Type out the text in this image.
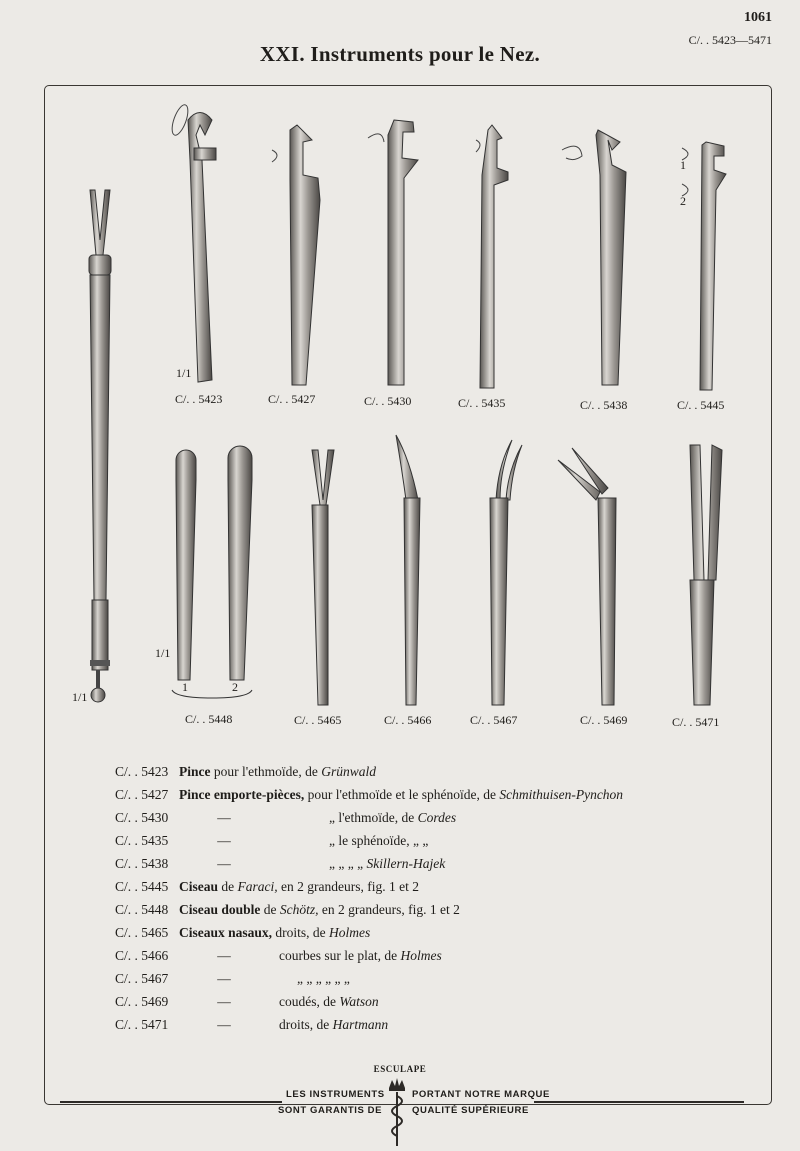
1061
C/. . 5423—5471
XXI. Instruments pour le Nez.
1/1
1/1
1/1
1
2
1	2
C/. . 5423	C/. . 5427	C/. . 5430	C/. . 5435	C/. . 5438	C/. . 5445
C/. . 5448	C/. . 5465	C/. . 5466	C/. . 5467	C/. . 5469	C/. . 5471
C/. . 5423 Pince pour l'ethmoïde, de Grünwald
C/. . 5427 Pince emporte-pièces, pour l'ethmoïde et le sphénoïde, de Schmithuisen-Pynchon
C/. . 5430	—	„ l'ethmoïde, de Cordes
C/. . 5435	—	„ le sphénoïde, „ „
C/. . 5438	—	„ „ „ „ Skillern-Hajek
C/. . 5445 Ciseau de Faraci, en 2 grandeurs, fig. 1 et 2
C/. . 5448 Ciseau double de Schötz, en 2 grandeurs, fig. 1 et 2
C/. . 5465 Ciseaux nasaux, droits, de Holmes
C/. . 5466	—	courbes sur le plat, de Holmes
C/. . 5467	—	„ „ „ „ „ „
C/. . 5469	—	coudés, de Watson
C/. . 5471	—	droits, de Hartmann
ESCULAPE
LES INSTRUMENTS	PORTANT NOTRE MARQUE
SONT GARANTIS DE	QUALITÉ SUPÉRIEURE
